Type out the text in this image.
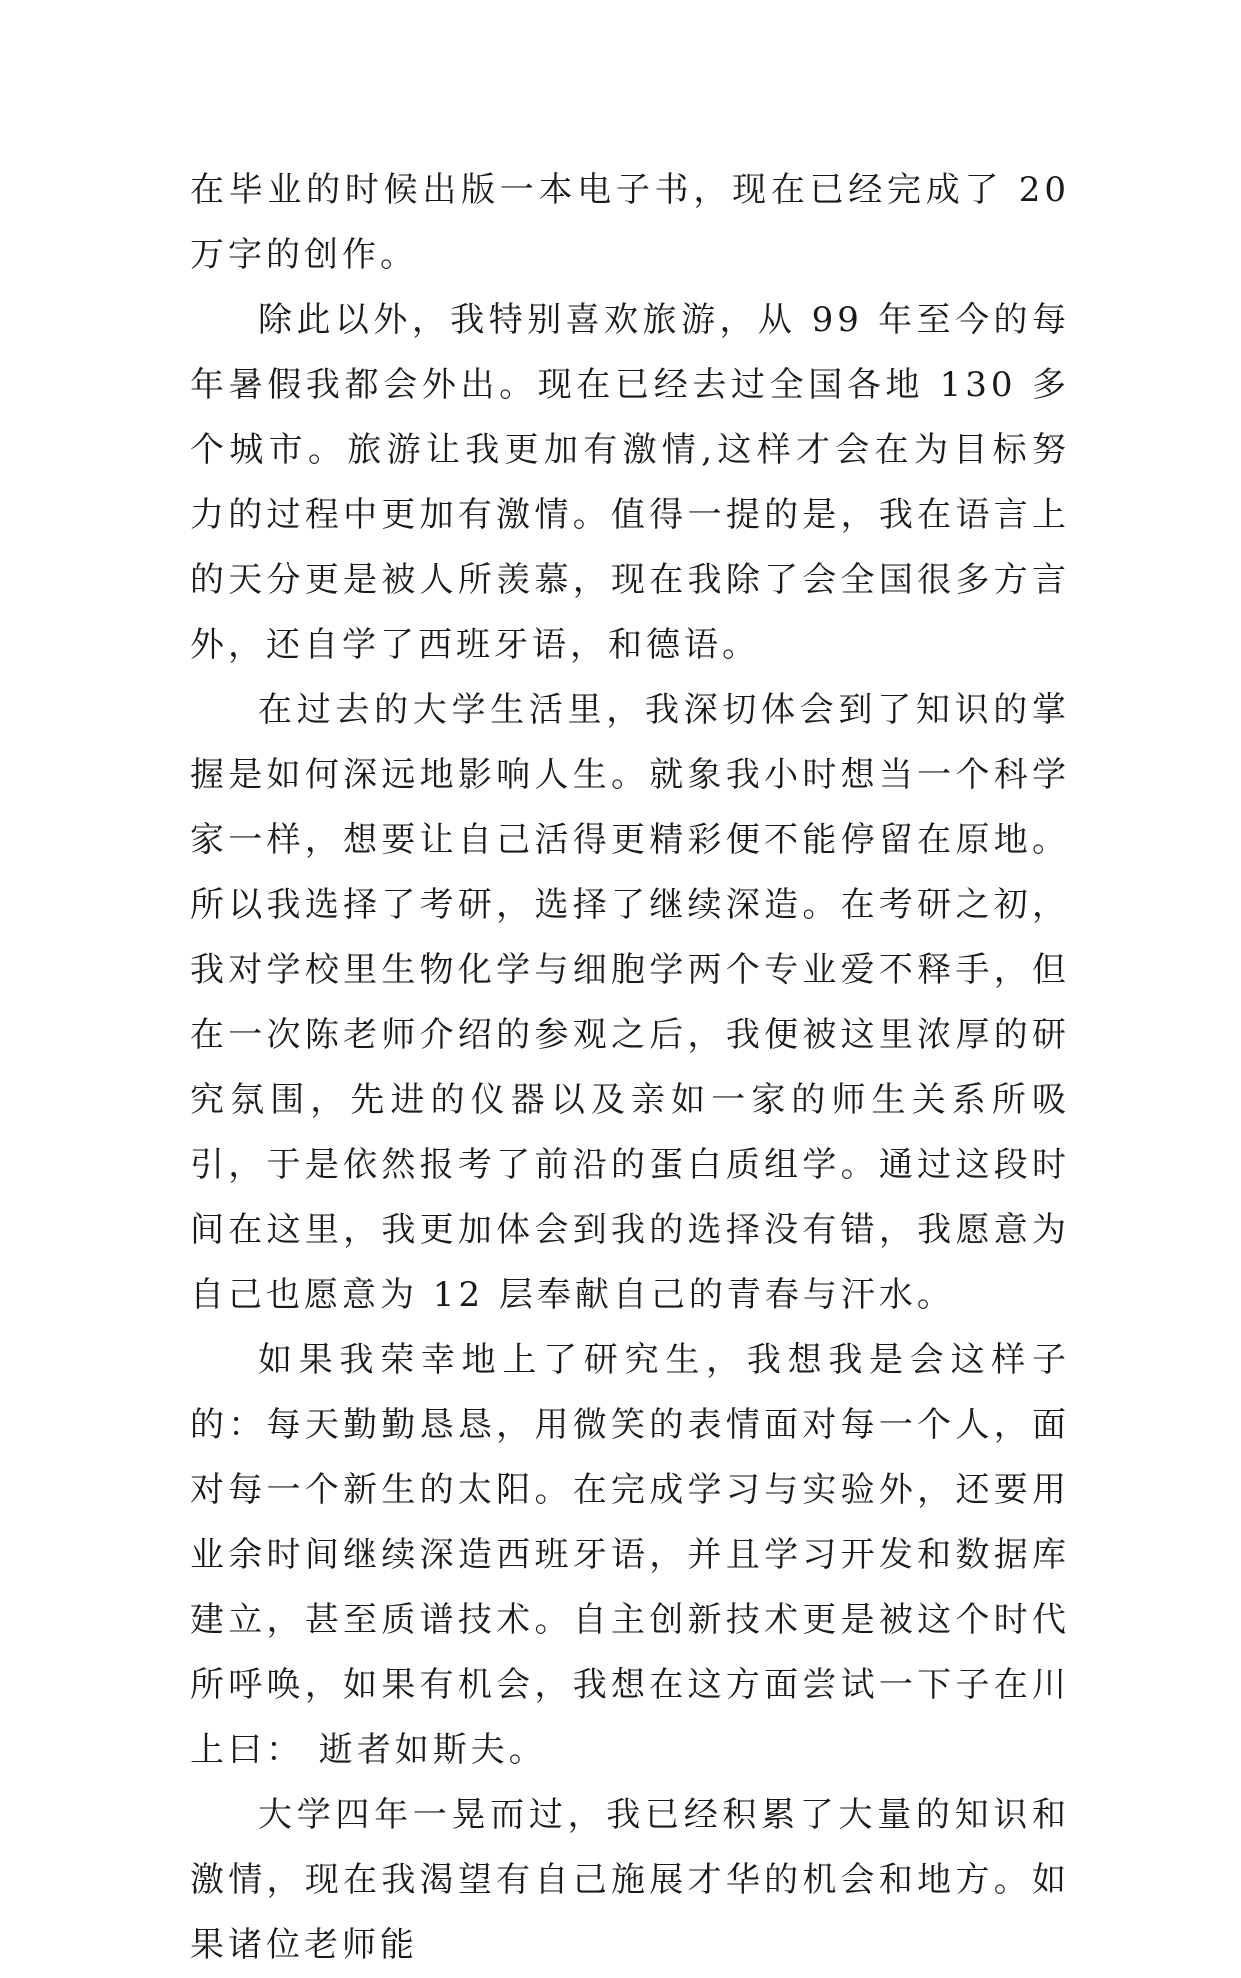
在毕业的时候出版一本电子书，现在已经完成了 20 万字的创作。

除此以外，我特别喜欢旅游，从 99 年至今的每年暑假我都会外出。现在已经去过全国各地 130 多个城市。旅游让我更加有激情,这样才会在为目标努力的过程中更加有激情。值得一提的是，我在语言上的天分更是被人所羡慕，现在我除了会全国很多方言外，还自学了西班牙语，和德语。

在过去的大学生活里，我深切体会到了知识的掌握是如何深远地影响人生。就象我小时想当一个科学家一样，想要让自己活得更精彩便不能停留在原地。所以我选择了考研，选择了继续深造。在考研之初，我对学校里生物化学与细胞学两个专业爱不释手，但在一次陈老师介绍的参观之后，我便被这里浓厚的研究氛围，先进的仪器以及亲如一家的师生关系所吸引，于是依然报考了前沿的蛋白质组学。通过这段时间在这里，我更加体会到我的选择没有错，我愿意为自己也愿意为 12 层奉献自己的青春与汗水。

如果我荣幸地上了研究生，我想我是会这样子的：每天勤勤恳恳，用微笑的表情面对每一个人，面对每一个新生的太阳。在完成学习与实验外，还要用业余时间继续深造西班牙语，并且学习开发和数据库建立，甚至质谱技术。自主创新技术更是被这个时代所呼唤，如果有机会，我想在这方面尝试一下子在川上曰： 逝者如斯夫。

大学四年一晃而过，我已经积累了大量的知识和激情，现在我渴望有自己施展才华的机会和地方。如果诸位老师能
